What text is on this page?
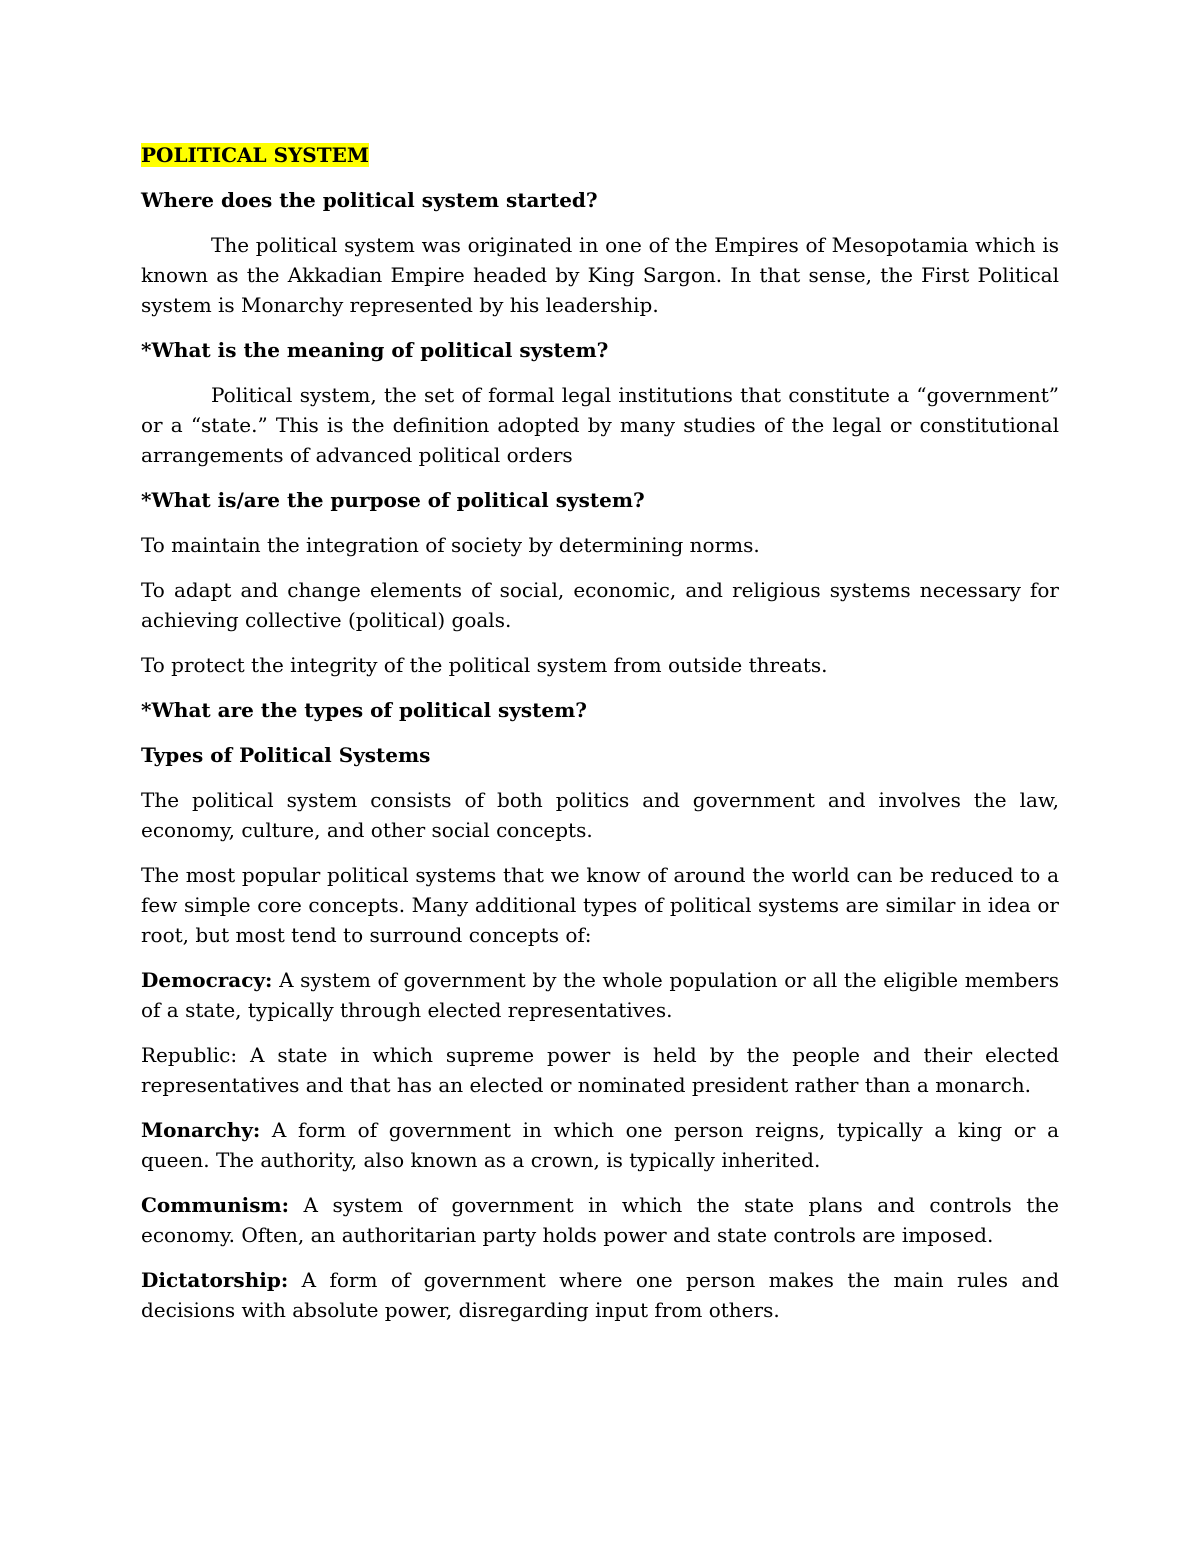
POLITICAL SYSTEM
Where does the political system started?

The political system was originated in one of the Empires of Mesopotamia which is known as the Akkadian Empire headed by King Sargon. In that sense, the First Political system is Monarchy represented by his leadership.

*What is the meaning of political system?

Political system, the set of formal legal institutions that constitute a “government” or a “state.” This is the definition adopted by many studies of the legal or constitutional arrangements of advanced political orders

*What is/are the purpose of political system?

To maintain the integration of society by determining norms.

To adapt and change elements of social, economic, and religious systems necessary for achieving collective (political) goals.

To protect the integrity of the political system from outside threats.

*What are the types of political system?
Types of Political Systems

The political system consists of both politics and government and involves the law, economy, culture, and other social concepts.

The most popular political systems that we know of around the world can be reduced to a few simple core concepts. Many additional types of political systems are similar in idea or root, but most tend to surround concepts of:

Democracy: A system of government by the whole population or all the eligible members of a state, typically through elected representatives.

Republic: A state in which supreme power is held by the people and their elected representatives and that has an elected or nominated president rather than a monarch.

Monarchy: A form of government in which one person reigns, typically a king or a queen. The authority, also known as a crown, is typically inherited.

Communism: A system of government in which the state plans and controls the economy. Often, an authoritarian party holds power and state controls are imposed.

Dictatorship: A form of government where one person makes the main rules and decisions with absolute power, disregarding input from others.
